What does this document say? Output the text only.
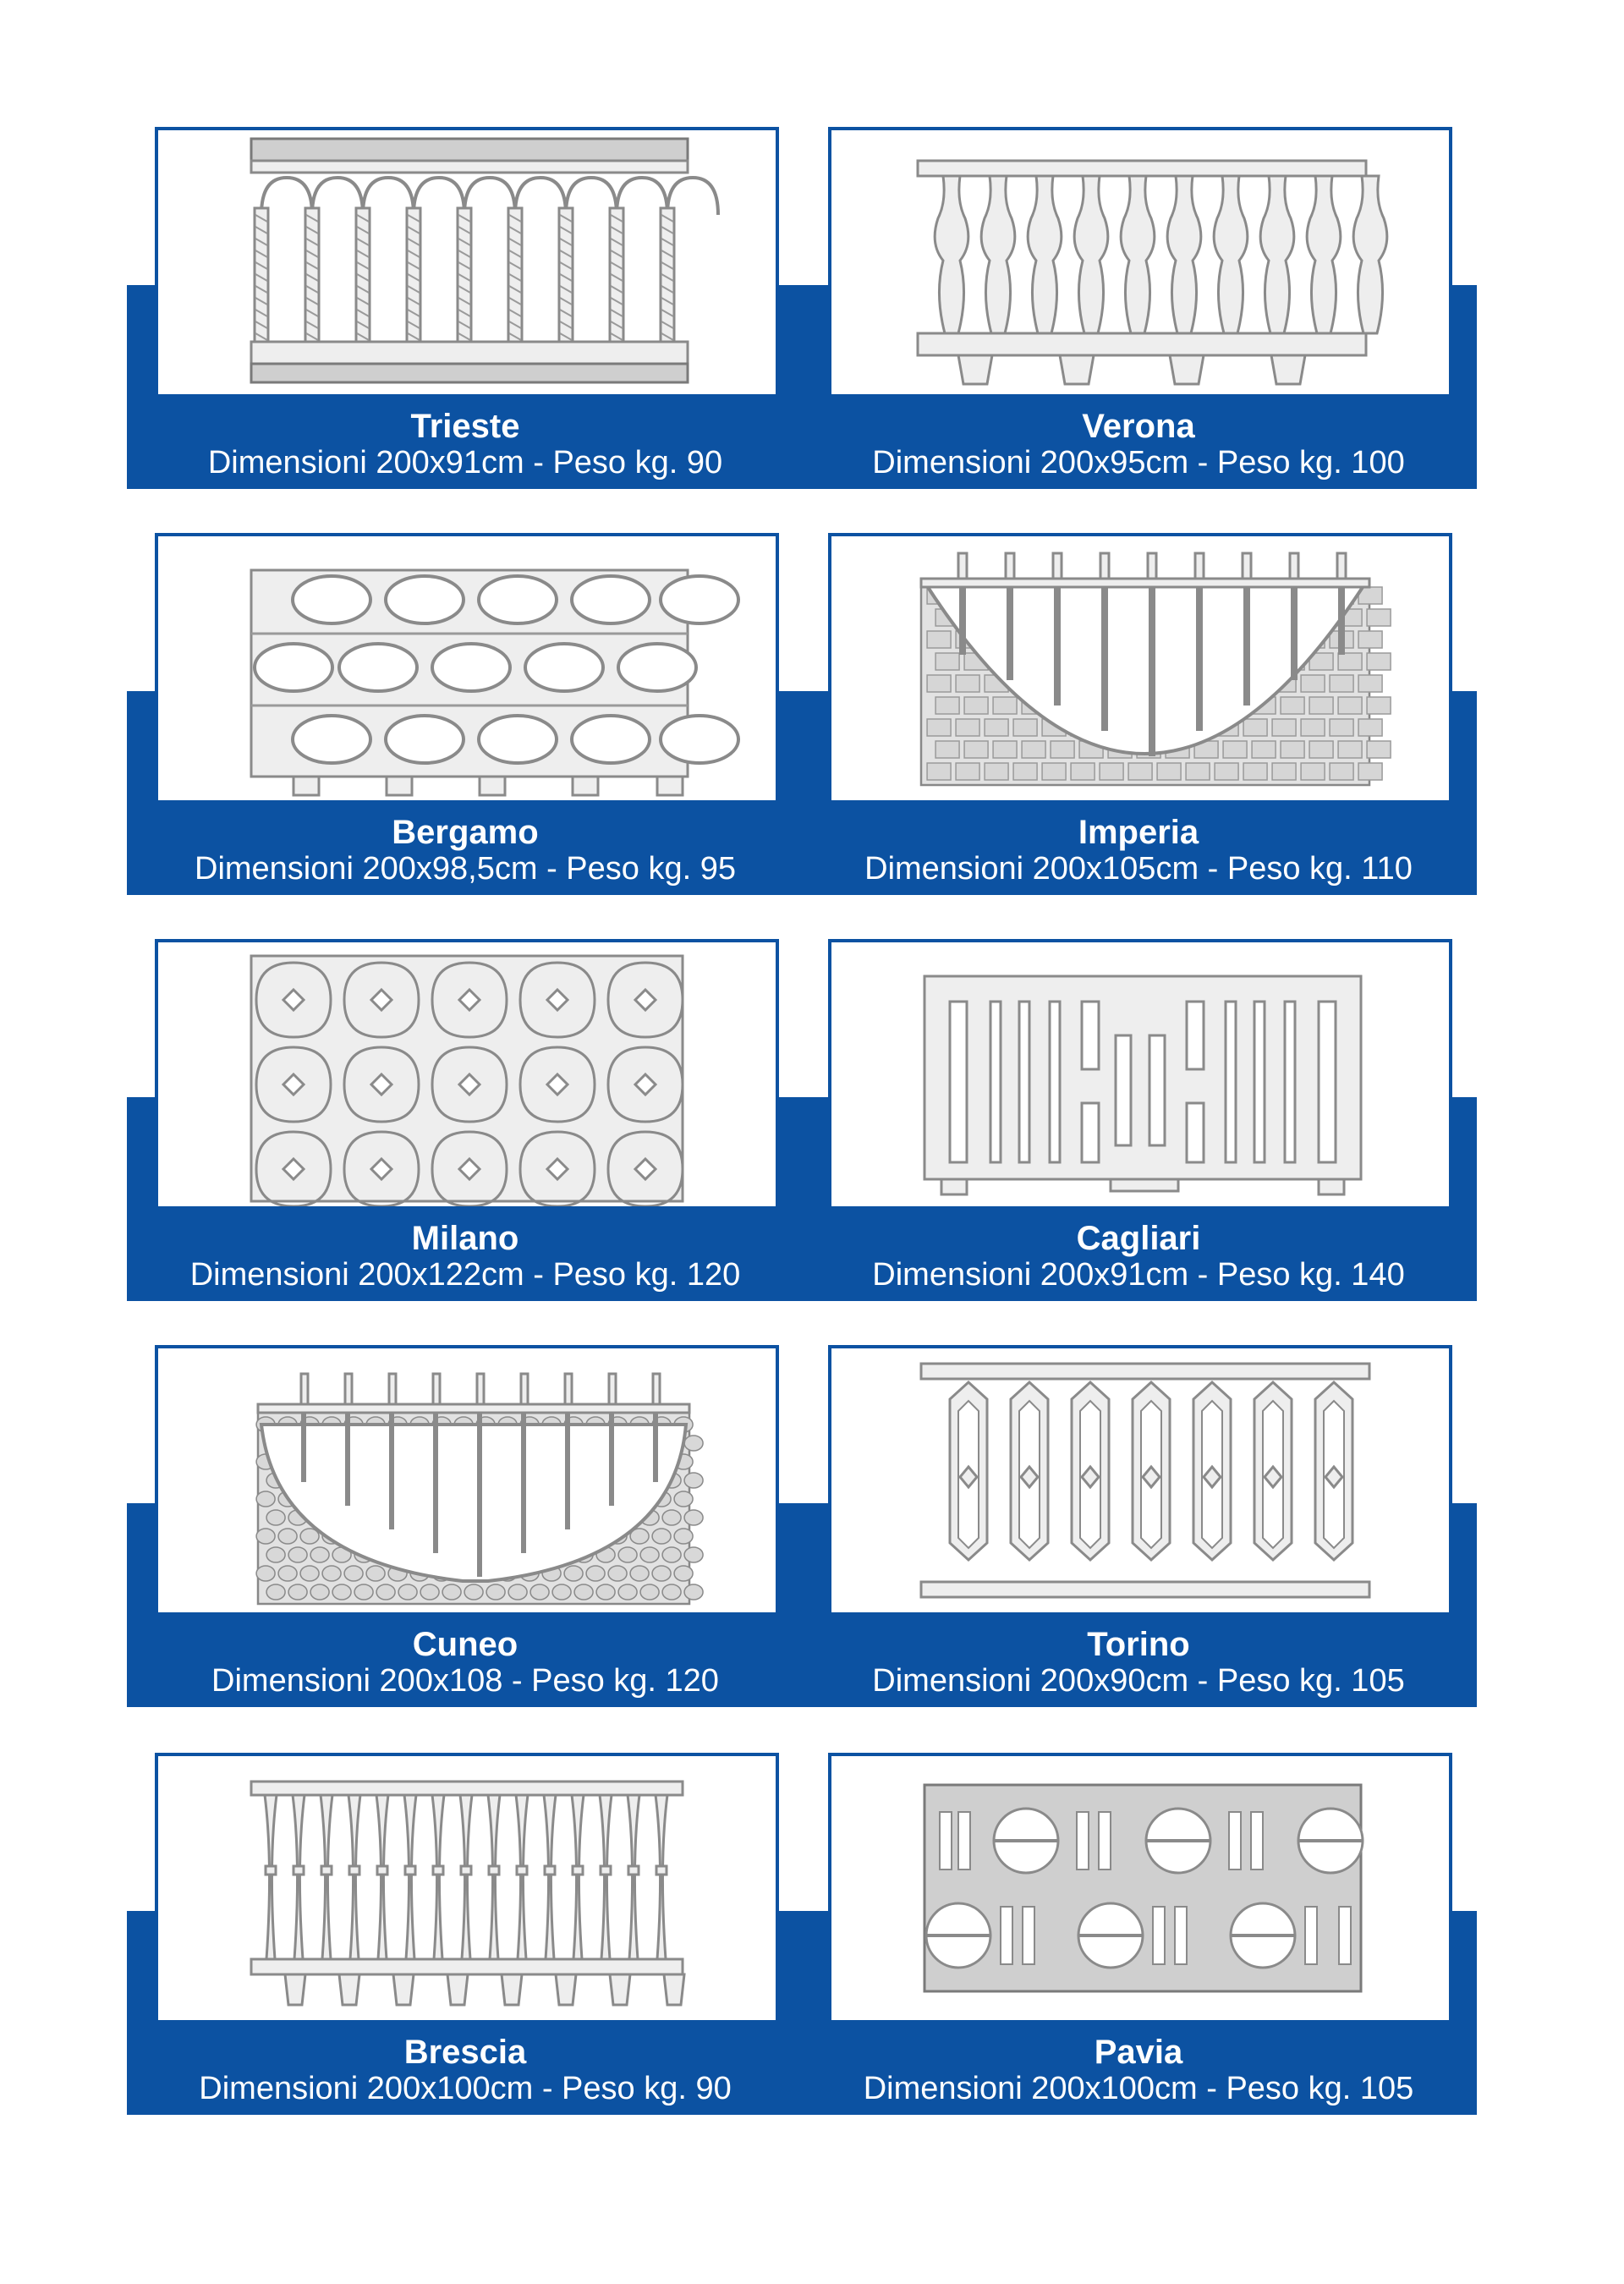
Trieste
Dimensioni 200x91cm - Peso kg. 90
Verona
Dimensioni 200x95cm - Peso kg. 100
Bergamo
Dimensioni 200x98,5cm - Peso kg. 95
Imperia
Dimensioni 200x105cm - Peso kg. 110
Milano
Dimensioni 200x122cm - Peso kg. 120
Cagliari
Dimensioni 200x91cm - Peso kg. 140
Cuneo
Dimensioni 200x108 - Peso kg. 120
Torino
Dimensioni 200x90cm - Peso kg. 105
Brescia
Dimensioni 200x100cm - Peso kg. 90
Pavia
Dimensioni 200x100cm - Peso kg. 105
